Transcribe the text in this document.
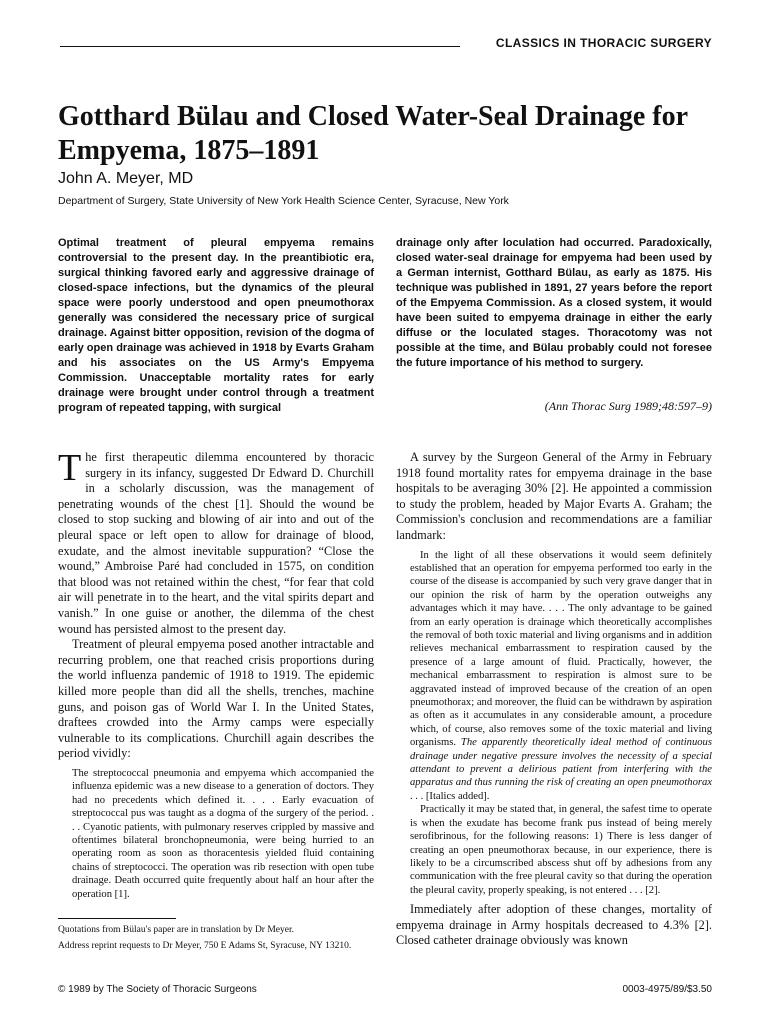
CLASSICS IN THORACIC SURGERY
Gotthard Bülau and Closed Water-Seal Drainage for Empyema, 1875–1891
John A. Meyer, MD
Department of Surgery, State University of New York Health Science Center, Syracuse, New York
Optimal treatment of pleural empyema remains controversial to the present day. In the preantibiotic era, surgical thinking favored early and aggressive drainage of closed-space infections, but the dynamics of the pleural space were poorly understood and open pneumothorax generally was considered the necessary price of surgical drainage. Against bitter opposition, revision of the dogma of early open drainage was achieved in 1918 by Evarts Graham and his associates on the US Army's Empyema Commission. Unacceptable mortality rates for early drainage were brought under control through a treatment program of repeated tapping, with surgical
drainage only after loculation had occurred. Paradoxically, closed water-seal drainage for empyema had been used by a German internist, Gotthard Bülau, as early as 1875. His technique was published in 1891, 27 years before the report of the Empyema Commission. As a closed system, it would have been suited to empyema drainage in either the early diffuse or the loculated stages. Thoracotomy was not possible at the time, and Bülau probably could not foresee the future importance of his method to surgery.
(Ann Thorac Surg 1989;48:597–9)

The first therapeutic dilemma encountered by thoracic surgery in its infancy, suggested Dr Edward D. Churchill in a scholarly discussion, was the management of penetrating wounds of the chest [1]. Should the wound be closed to stop sucking and blowing of air into and out of the pleural space or left open to allow for drainage of blood, exudate, and the almost inevitable suppuration? “Close the wound,” Ambroise Paré had concluded in 1575, on condition that blood was not retained within the chest, “for fear that cold air will penetrate in to the heart, and the vital spirits depart and vanish.” In one guise or another, the dilemma of the chest wound has persisted almost to the present day.

Treatment of pleural empyema posed another intractable and recurring problem, one that reached crisis proportions during the world influenza pandemic of 1918 to 1919. The epidemic killed more people than did all the shells, trenches, machine guns, and poison gas of World War I. In the United States, draftees crowded into the Army camps were especially vulnerable to its complications. Churchill again describes the period vividly:

The streptococcal pneumonia and empyema which accompanied the influenza epidemic was a new disease to a generation of doctors. They had no precedents which defined it. . . . Early evacuation of streptococcal pus was taught as a dogma of the surgery of the period. . . . Cyanotic patients, with pulmonary reserves crippled by massive and oftentimes bilateral bronchopneumonia, were being hurried to an operating room as soon as thoracentesis yielded fluid containing chains of streptococci. The operation was rib resection with open tube drainage. Death occurred quite frequently about half an hour after the operation [1].

A survey by the Surgeon General of the Army in February 1918 found mortality rates for empyema drainage in the base hospitals to be averaging 30% [2]. He appointed a commission to study the problem, headed by Major Evarts A. Graham; the Commission's conclusion and recommendations are a familiar landmark:

In the light of all these observations it would seem definitely established that an operation for empyema performed too early in the course of the disease is accompanied by such very grave danger that in our opinion the risk of harm by the operation outweighs any advantages which it may have. . . . The only advantage to be gained from an early operation is drainage which theoretically accomplishes the removal of both toxic material and living organisms and in addition relieves mechanical embarrassment to respiration caused by the presence of a large amount of fluid. Practically, however, the mechanical embarrassment to respiration is almost sure to be aggravated instead of improved because of the creation of an open pneumothorax; and moreover, the fluid can be withdrawn by aspiration as often as it accumulates in any considerable amount, a procedure which, of course, also removes some of the toxic material and living organisms. The apparently theoretically ideal method of continuous drainage under negative pressure involves the necessity of a special attendant to prevent a delirious patient from interfering with the apparatus and thus running the risk of creating an open pneumothorax . . . [Italics added].

Practically it may be stated that, in general, the safest time to operate is when the exudate has become frank pus instead of being merely serofibrinous, for the following reasons: 1) There is less danger of creating an open pneumothorax because, in our experience, there is likely to be a circumscribed abscess shut off by adhesions from any communication with the free pleural cavity so that during the operation the pleural cavity, properly speaking, is not entered . . . [2].

Immediately after adoption of these changes, mortality of empyema drainage in Army hospitals decreased to 4.3% [2]. Closed catheter drainage obviously was known

Quotations from Bülau's paper are in translation by Dr Meyer.
Address reprint requests to Dr Meyer, 750 E Adams St, Syracuse, NY 13210.
© 1989 by The Society of Thoracic Surgeons	0003-4975/89/$3.50
